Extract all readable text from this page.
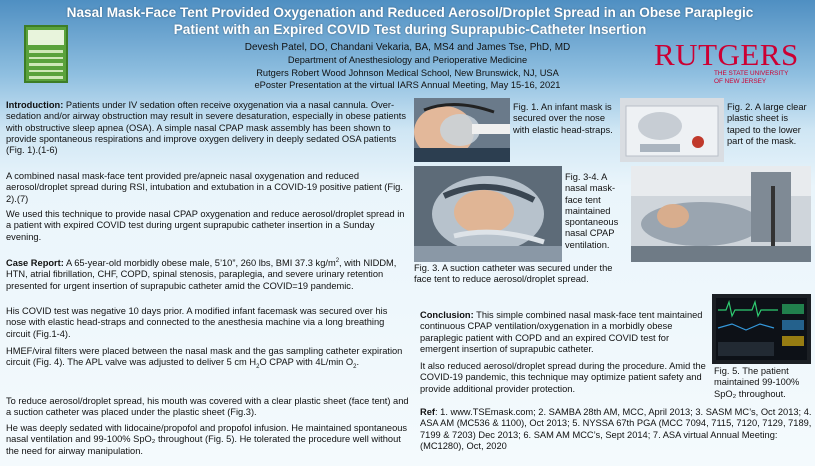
Nasal Mask-Face Tent Provided Oxygenation and Reduced Aerosol/Droplet Spread in an Obese Paraplegic
Patient with an Expired COVID Test during Suprapubic-Catheter Insertion
Devesh Patel, DO, Chandani Vekaria, BA, MS4 and James Tse, PhD, MD
Department of Anesthesiology and Perioperative Medicine
Rutgers Robert Wood Johnson Medical School, New Brunswick, NJ, USA
ePoster Presentation at the virtual IARS Annual Meeting, May 15-16, 2021
RUTGERS
THE STATE UNIVERSITY
OF NEW JERSEY
Introduction: Patients under IV sedation often receive oxygenation via a nasal cannula. Over-sedation and/or airway obstruction may result in severe desaturation, especially in obese patients with obstructive sleep apnea (OSA). A simple nasal CPAP mask assembly has been shown to provide spontaneous respirations and improve oxygen delivery in deeply sedated OSA patients (Fig. 1).(1-6)
A combined nasal mask-face tent provided pre/apneic nasal oxygenation and reduced aerosol/droplet spread during RSI, intubation and extubation in a COVID-19 positive patient (Fig. 2).(7)
We used this technique to provide nasal CPAP oxygenation and reduce aerosol/droplet spread in a patient with expired COVID test during urgent suprapubic catheter insertion in a Sunday evening.
Case Report: A 65-year-old morbidly obese male, 5’10”, 260 lbs, BMI 37.3 $kg/m^2$, with NIDDM, HTN, atrial fibrillation, CHF, COPD, spinal stenosis, paraplegia, and severe urinary retention presented for urgent insertion of suprapubic catheter amid the COVID=19 pandemic.
His COVID test was negative 10 days prior. A modified infant facemask was secured over his nose with elastic head-straps and connected to the anesthesia machine via a long breathing circuit (Fig.1-4).
HMEF/viral filters were placed between the nasal mask and the gas sampling catheter expiration circuit (Fig. 4). The APL valve was adjusted to deliver 5 cm $H_2O$ CPAP with 4L/min $O_2$.
To reduce aerosol/droplet spread, his mouth was covered with a clear plastic sheet (face tent) and a suction catheter was placed under the plastic sheet (Fig.3).
He was deeply sedated with lidocaine/propofol and propofol infusion. He maintained spontaneous nasal ventilation and 99-100% SpO₂ throughout (Fig. 5). He tolerated the procedure well without the need for airway manipulation.
Fig. 1. An infant mask is secured over the nose with elastic head-straps.
Fig. 2. A large clear plastic sheet is taped to the lower part of the mask.
Fig. 3-4. A nasal mask-face tent maintained spontaneous nasal CPAP ventilation.
Fig. 3. A suction catheter was secured under the face tent to reduce aerosol/droplet spread.
Fig. 5. The patient maintained 99-100% SpO₂ throughout.
Conclusion: This simple combined nasal mask-face tent maintained continuous CPAP ventilation/oxygenation in a morbidly obese paraplegic patient with COPD and an expired COVID test for emergent insertion of suprapubic catheter.
It also reduced aerosol/droplet spread during the procedure. Amid the COVID-19 pandemic, this technique may optimize patient safety and provide additional provider protection.
Ref: 1. www.TSEmask.com; 2. SAMBA 28th AM, MCC, April 2013; 3. SASM MC’s, Oct 2013; 4. ASA AM (MC536 & 1100), Oct 2013; 5. NYSSA 67th PGA (MCC 7094, 7115, 7120, 7129, 7189, 7199 & 7203) Dec 2013; 6. SAM AM MCC’s, Sept 2014; 7. ASA virtual Annual Meeting: (MC1280), Oct, 2020
